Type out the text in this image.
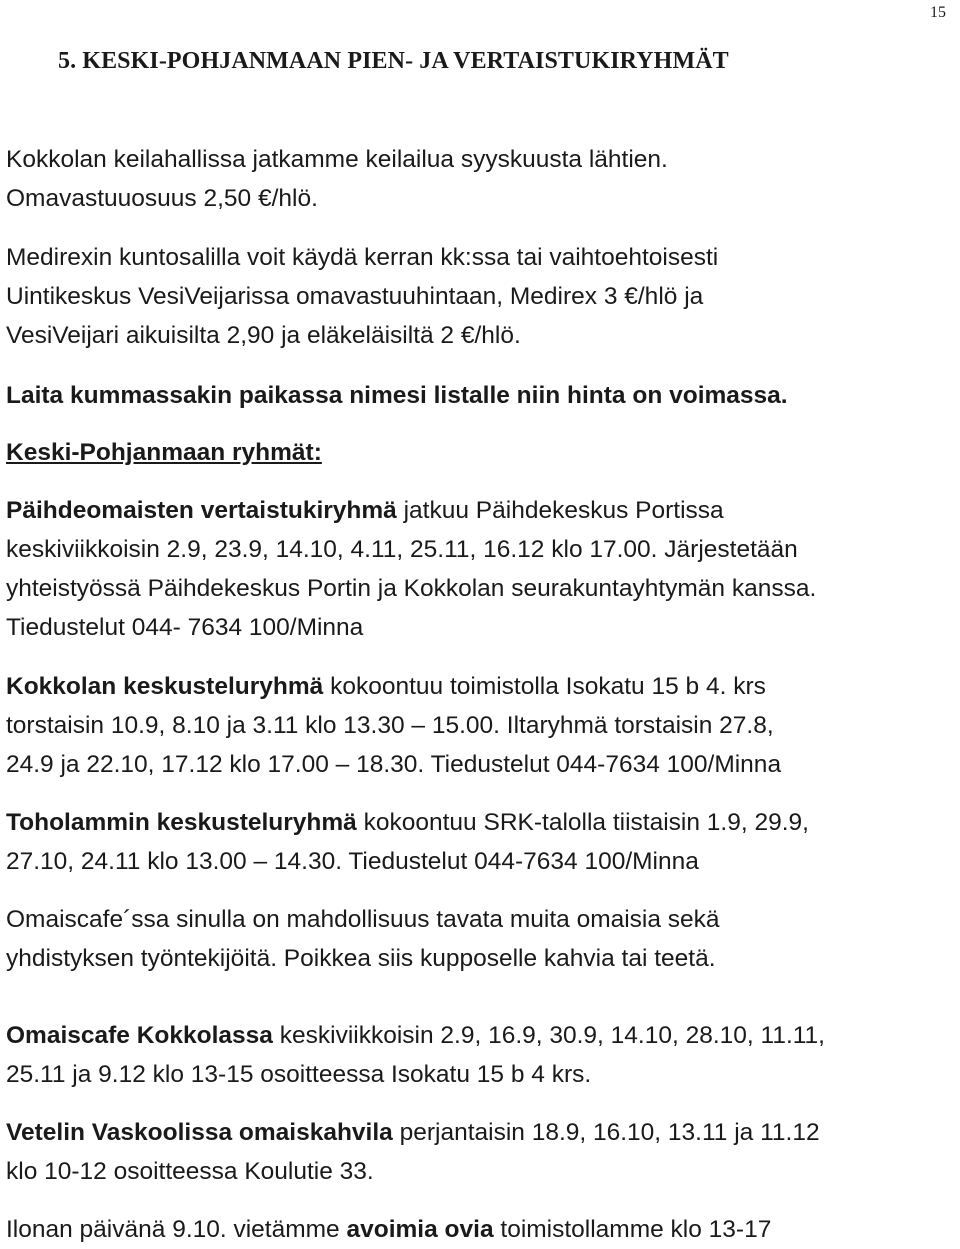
15
5. KESKI-POHJANMAAN PIEN- JA VERTAISTUKIRYHMÄT

Kokkolan keilahallissa jatkamme keilailua syyskuusta lähtien.

Omavastuuosuus 2,50 €/hlö.

Medirexin kuntosalilla voit käydä kerran kk:ssa tai vaihtoehtoisesti

Uintikeskus VesiVeijarissa omavastuuhintaan, Medirex 3 €/hlö ja

VesiVeijari aikuisilta 2,90 ja eläkeläisiltä 2 €/hlö.

Laita kummassakin paikassa nimesi listalle niin hinta on voimassa.
Keski-Pohjanmaan ryhmät:

Päihdeomaisten vertaistukiryhmä jatkuu Päihdekeskus Portissa

keskiviikkoisin 2.9, 23.9, 14.10, 4.11, 25.11, 16.12 klo 17.00. Järjestetään

yhteistyössä Päihdekeskus Portin ja Kokkolan seurakuntayhtymän kanssa.

Tiedustelut 044- 7634 100/Minna

Kokkolan keskusteluryhmä kokoontuu toimistolla Isokatu 15 b 4. krs

torstaisin 10.9, 8.10 ja 3.11 klo 13.30 – 15.00. Iltaryhmä torstaisin 27.8,

24.9 ja 22.10, 17.12 klo 17.00 – 18.30. Tiedustelut 044-7634 100/Minna

Toholammin keskusteluryhmä kokoontuu SRK-talolla tiistaisin 1.9, 29.9,

27.10, 24.11 klo 13.00 – 14.30. Tiedustelut 044-7634 100/Minna

Omaiscafe´ssa sinulla on mahdollisuus tavata muita omaisia sekä

yhdistyksen työntekijöitä. Poikkea siis kupposelle kahvia tai teetä.

Omaiscafe Kokkolassa keskiviikkoisin 2.9, 16.9, 30.9, 14.10, 28.10, 11.11,

25.11 ja 9.12 klo 13-15 osoitteessa Isokatu 15 b 4 krs.

Vetelin Vaskoolissa omaiskahvila perjantaisin 18.9, 16.10, 13.11 ja 11.12

klo 10-12 osoitteessa Koulutie 33.

Ilonan päivänä 9.10. vietämme avoimia ovia toimistollamme klo 13-17
